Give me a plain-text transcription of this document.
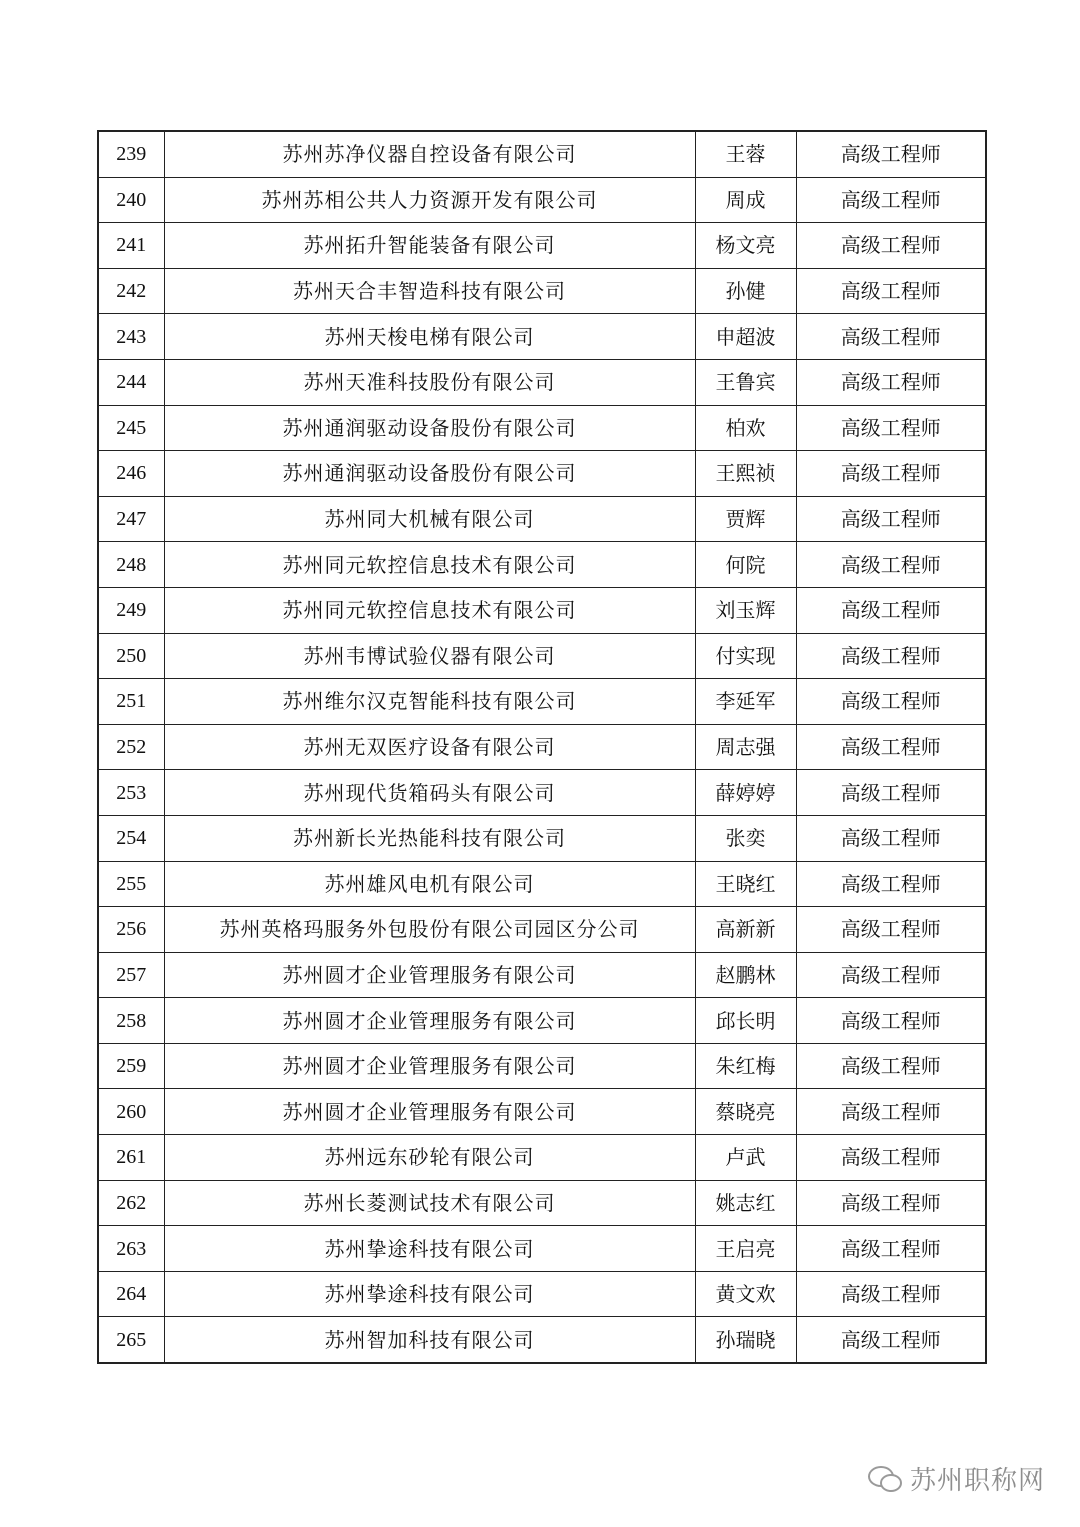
239	苏州苏净仪器自控设备有限公司	王蓉	高级工程师
240	苏州苏相公共人力资源开发有限公司	周成	高级工程师
241	苏州拓升智能装备有限公司	杨文亮	高级工程师
242	苏州天合丰智造科技有限公司	孙健	高级工程师
243	苏州天梭电梯有限公司	申超波	高级工程师
244	苏州天准科技股份有限公司	王鲁宾	高级工程师
245	苏州通润驱动设备股份有限公司	柏欢	高级工程师
246	苏州通润驱动设备股份有限公司	王熙祯	高级工程师
247	苏州同大机械有限公司	贾辉	高级工程师
248	苏州同元软控信息技术有限公司	何院	高级工程师
249	苏州同元软控信息技术有限公司	刘玉辉	高级工程师
250	苏州韦博试验仪器有限公司	付实现	高级工程师
251	苏州维尔汉克智能科技有限公司	李延军	高级工程师
252	苏州无双医疗设备有限公司	周志强	高级工程师
253	苏州现代货箱码头有限公司	薛婷婷	高级工程师
254	苏州新长光热能科技有限公司	张奕	高级工程师
255	苏州雄风电机有限公司	王晓红	高级工程师
256	苏州英格玛服务外包股份有限公司园区分公司	高新新	高级工程师
257	苏州圆才企业管理服务有限公司	赵鹏林	高级工程师
258	苏州圆才企业管理服务有限公司	邱长明	高级工程师
259	苏州圆才企业管理服务有限公司	朱红梅	高级工程师
260	苏州圆才企业管理服务有限公司	蔡晓亮	高级工程师
261	苏州远东砂轮有限公司	卢武	高级工程师
262	苏州长菱测试技术有限公司	姚志红	高级工程师
263	苏州挚途科技有限公司	王启亮	高级工程师
264	苏州挚途科技有限公司	黄文欢	高级工程师
265	苏州智加科技有限公司	孙瑞晓	高级工程师
苏州职称网
